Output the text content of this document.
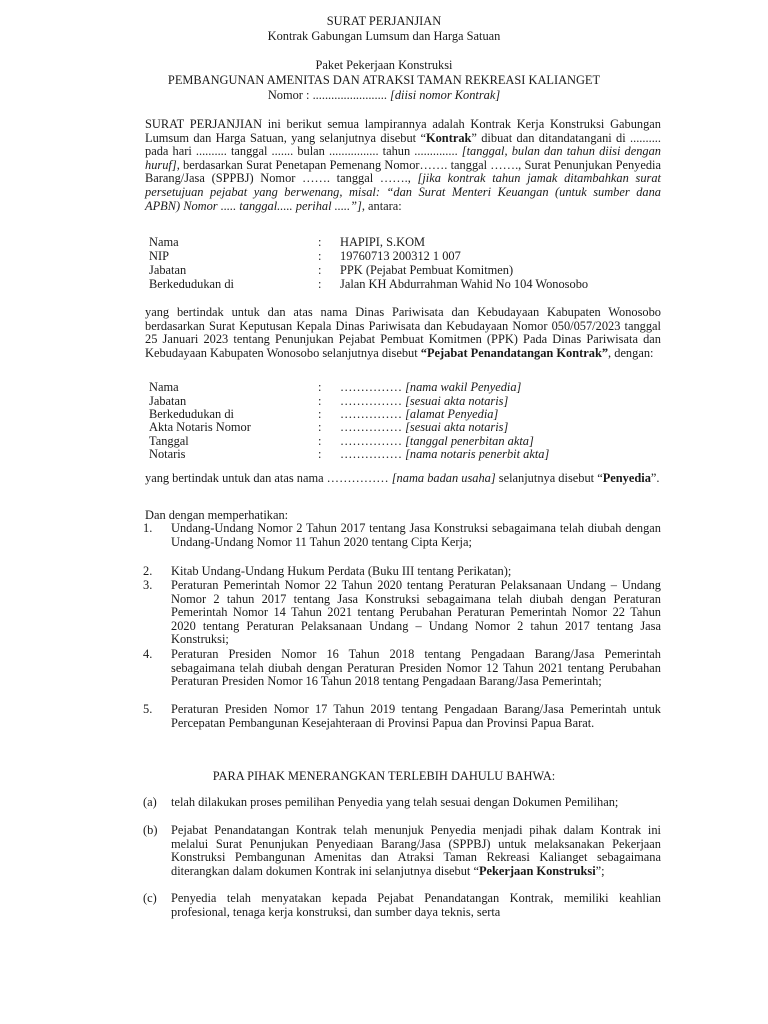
SURAT PERJANJIAN
Kontrak Gabungan Lumsum dan Harga Satuan
Paket Pekerjaan Konstruksi
PEMBANGUNAN AMENITAS DAN ATRAKSI TAMAN REKREASI KALIANGET
Nomor : ........................ [diisi nomor Kontrak]
SURAT PERJANJIAN ini berikut semua lampirannya adalah Kontrak Kerja Konstruksi Gabungan Lumsum dan Harga Satuan, yang selanjutnya disebut “Kontrak” dibuat dan ditandatangani di .......... pada hari .......... tanggal ....... bulan ................ tahun .............. [tanggal, bulan dan tahun diisi dengan huruf], berdasarkan Surat Penetapan Pemenang Nomor……. tanggal ……., Surat Penunjukan Penyedia Barang/Jasa (SPPBJ) Nomor ……. tanggal ……., [jika kontrak tahun jamak ditambahkan surat persetujuan pejabat yang berwenang, misal: “dan Surat Menteri Keuangan (untuk sumber dana APBN) Nomor ..... tanggal..... perihal .....”], antara:
Nama	: HAPIPI, S.KOM
NIP	: 19760713 200312 1 007
Jabatan	: PPK (Pejabat Pembuat Komitmen)
Berkedudukan di	: Jalan KH Abdurrahman Wahid No 104 Wonosobo
yang bertindak untuk dan atas nama Dinas Pariwisata dan Kebudayaan Kabupaten Wonosobo berdasarkan Surat Keputusan Kepala Dinas Pariwisata dan Kebudayaan Nomor 050/057/2023 tanggal 25 Januari 2023 tentang Penunjukan Pejabat Pembuat Komitmen (PPK) Pada Dinas Pariwisata dan Kebudayaan Kabupaten Wonosobo selanjutnya disebut “Pejabat Penandatangan Kontrak”, dengan:
Nama	: …………… [nama wakil Penyedia]
Jabatan	: …………… [sesuai akta notaris]
Berkedudukan di	: …………… [alamat Penyedia]
Akta Notaris Nomor	: …………… [sesuai akta notaris]
Tanggal	: …………… [tanggal penerbitan akta]
Notaris	: …………… [nama notaris penerbit akta]
yang bertindak untuk dan atas nama …………… [nama badan usaha] selanjutnya disebut “Penyedia”.
Dan dengan memperhatikan:
1. Undang-Undang Nomor 2 Tahun 2017 tentang Jasa Konstruksi sebagaimana telah diubah dengan Undang-Undang Nomor 11 Tahun 2020 tentang Cipta Kerja;
2. Kitab Undang-Undang Hukum Perdata (Buku III tentang Perikatan);
3. Peraturan Pemerintah Nomor 22 Tahun 2020 tentang Peraturan Pelaksanaan Undang – Undang Nomor 2 tahun 2017 tentang Jasa Konstruksi sebagaimana telah diubah dengan Peraturan Pemerintah Nomor 14 Tahun 2021 tentang Perubahan Peraturan Pemerintah Nomor 22 Tahun 2020 tentang Peraturan Pelaksanaan Undang – Undang Nomor 2 tahun 2017 tentang Jasa Konstruksi;
4. Peraturan Presiden Nomor 16 Tahun 2018 tentang Pengadaan Barang/Jasa Pemerintah sebagaimana telah diubah dengan Peraturan Presiden Nomor 12 Tahun 2021 tentang Perubahan Peraturan Presiden Nomor 16 Tahun 2018 tentang Pengadaan Barang/Jasa Pemerintah;
5. Peraturan Presiden Nomor 17 Tahun 2019 tentang Pengadaan Barang/Jasa Pemerintah untuk Percepatan Pembangunan Kesejahteraan di Provinsi Papua dan Provinsi Papua Barat.
PARA PIHAK MENERANGKAN TERLEBIH DAHULU BAHWA:
(a) telah dilakukan proses pemilihan Penyedia yang telah sesuai dengan Dokumen Pemilihan;
(b) Pejabat Penandatangan Kontrak telah menunjuk Penyedia menjadi pihak dalam Kontrak ini melalui Surat Penunjukan Penyediaan Barang/Jasa (SPPBJ) untuk melaksanakan Pekerjaan Konstruksi Pembangunan Amenitas dan Atraksi Taman Rekreasi Kalianget sebagaimana diterangkan dalam dokumen Kontrak ini selanjutnya disebut “Pekerjaan Konstruksi”;
(c) Penyedia telah menyatakan kepada Pejabat Penandatangan Kontrak, memiliki keahlian profesional, tenaga kerja konstruksi, dan sumber daya teknis, serta
